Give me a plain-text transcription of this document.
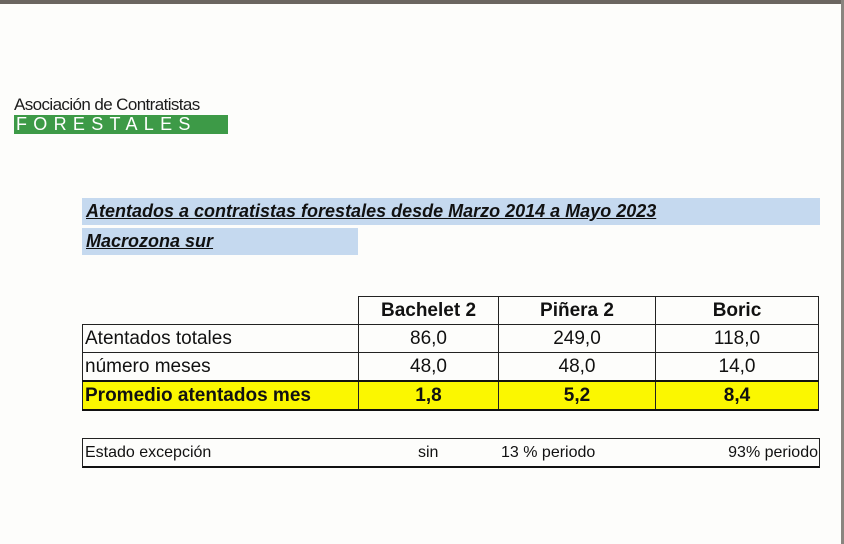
Asociación de Contratistas
FORESTALES
Atentados a contratistas forestales desde Marzo 2014 a Mayo 2023
Macrozona sur
	Bachelet 2	Piñera 2	Boric
Atentados totales	86,0	249,0	118,0
número meses	48,0	48,0	14,0
Promedio atentados mes	1,8	5,2	8,4
Estado excepción	sin	13 % periodo	93% periodo
